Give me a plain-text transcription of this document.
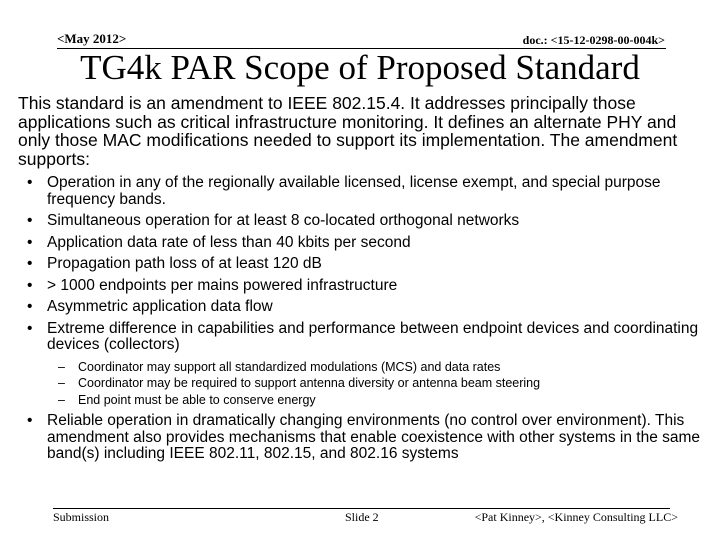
<May 2012>	doc.: <15-12-0298-00-004k>
TG4k PAR Scope of Proposed Standard

This standard is an amendment to IEEE 802.15.4. It addresses principally those applications such as critical infrastructure monitoring. It defines an alternate PHY and only those MAC modifications needed to support its implementation. The amendment supports:

• Operation in any of the regionally available licensed, license exempt, and special purpose frequency bands.
• Simultaneous operation for at least 8 co-located orthogonal networks
• Application data rate of less than 40 kbits per second
• Propagation path loss of at least 120 dB
• > 1000 endpoints per mains powered infrastructure
• Asymmetric application data flow
• Extreme difference in capabilities and performance between endpoint devices and coordinating devices (collectors)
– Coordinator may support all standardized modulations (MCS) and data rates
– Coordinator may be required to support antenna diversity or antenna beam steering
– End point must be able to conserve energy
• Reliable operation in dramatically changing environments (no control over environment). This amendment also provides mechanisms that enable coexistence with other systems in the same band(s) including IEEE 802.11, 802.15, and 802.16 systems
Submission	Slide 2	<Pat Kinney>, <Kinney Consulting LLC>
